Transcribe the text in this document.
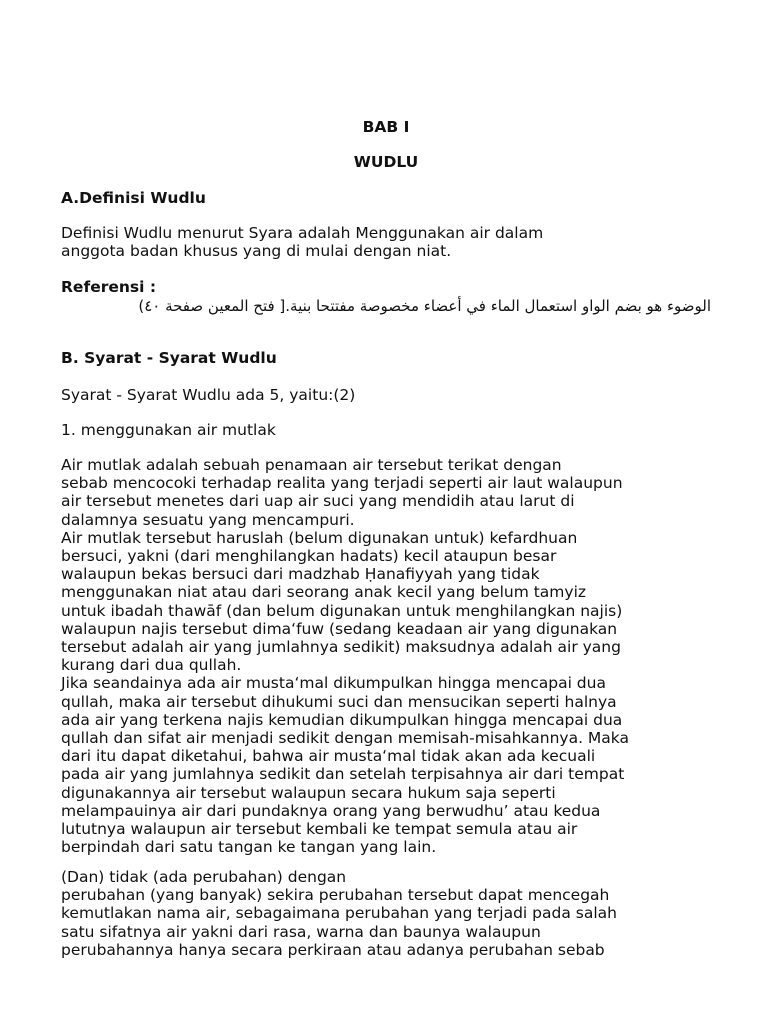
BAB I
WUDLU
A.Definisi Wudlu
Definisi Wudlu menurut Syara adalah Menggunakan air dalam
anggota badan khusus yang di mulai dengan niat.
Referensi :
الوضوء هو بضم الواو استعمال الماء في أعضاء مخصوصة مفتتحا بنية.[ فتح المعين صفحة ٤٠)
B. Syarat - Syarat Wudlu
Syarat - Syarat Wudlu ada 5, yaitu:(2)
1. menggunakan air mutlak
Air mutlak adalah sebuah penamaan air tersebut terikat dengan
sebab mencocoki terhadap realita yang terjadi seperti air laut walaupun
air tersebut menetes dari uap air suci yang mendidih atau larut di
dalamnya sesuatu yang mencampuri.
Air mutlak tersebut haruslah (belum digunakan untuk) kefardhuan
bersuci, yakni (dari menghilangkan hadats) kecil ataupun besar
walaupun bekas bersuci dari madzhab Ḥanafiyyah yang tidak
menggunakan niat atau dari seorang anak kecil yang belum tamyiz
untuk ibadah thawāf (dan belum digunakan untuk menghilangkan najis)
walaupun najis tersebut dimaʻfuw (sedang keadaan air yang digunakan
tersebut adalah air yang jumlahnya sedikit) maksudnya adalah air yang
kurang dari dua qullah.
Jika seandainya ada air mustaʻmal dikumpulkan hingga mencapai dua
qullah, maka air tersebut dihukumi suci dan mensucikan seperti halnya
ada air yang terkena najis kemudian dikumpulkan hingga mencapai dua
qullah dan sifat air menjadi sedikit dengan memisah-misahkannya. Maka
dari itu dapat diketahui, bahwa air mustaʻmal tidak akan ada kecuali
pada air yang jumlahnya sedikit dan setelah terpisahnya air dari tempat
digunakannya air tersebut walaupun secara hukum saja seperti
melampauinya air dari pundaknya orang yang berwudhu’ atau kedua
lututnya walaupun air tersebut kembali ke tempat semula atau air
berpindah dari satu tangan ke tangan yang lain.
(Dan) tidak (ada perubahan) dengan
perubahan (yang banyak) sekira perubahan tersebut dapat mencegah
kemutlakan nama air, sebagaimana perubahan yang terjadi pada salah
satu sifatnya air yakni dari rasa, warna dan baunya walaupun
perubahannya hanya secara perkiraan atau adanya perubahan sebab
